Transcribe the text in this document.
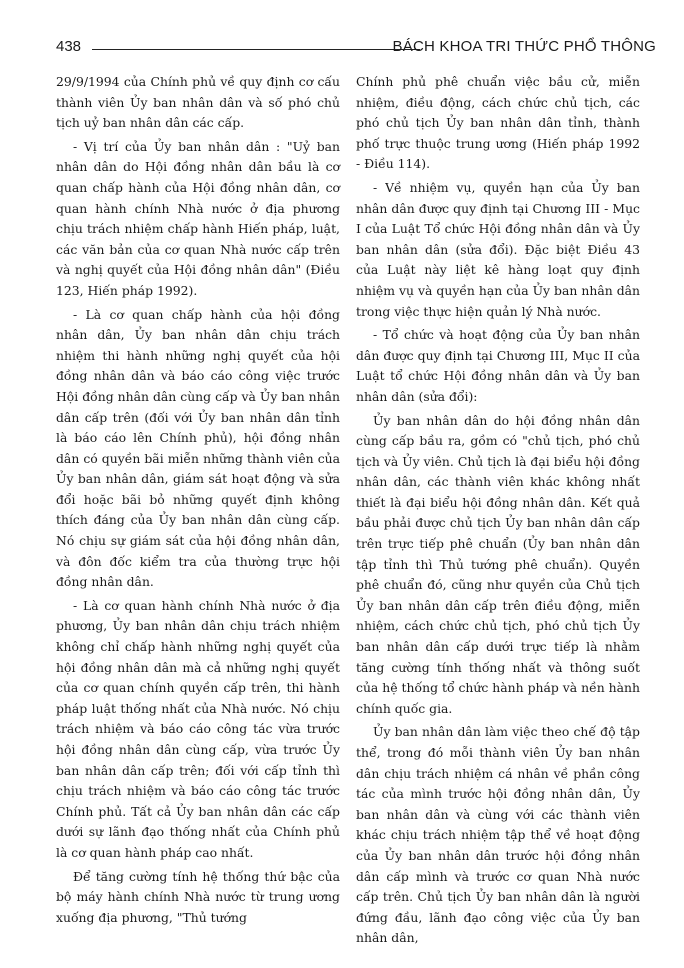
438	BÁCH KHOA TRI THỨC PHỔ THÔNG

29/9/1994 của Chính phủ về quy định cơ cấu thành viên Ủy ban nhân dân và số phó chủ tịch uỷ ban nhân dân các cấp.

- Vị trí của Ủy ban nhân dân : "Uỷ ban nhân dân do Hội đồng nhân dân bầu là cơ quan chấp hành của Hội đồng nhân dân, cơ quan hành chính Nhà nước ở địa phương chịu trách nhiệm chấp hành Hiến pháp, luật, các văn bản của cơ quan Nhà nước cấp trên và nghị quyết của Hội đồng nhân dân" (Điều 123, Hiến pháp 1992).

- Là cơ quan chấp hành của hội đồng nhân dân, Ủy ban nhân dân chịu trách nhiệm thi hành những nghị quyết của hội đồng nhân dân và báo cáo công việc trước Hội đồng nhân dân cùng cấp và Ủy ban nhân dân cấp trên (đối với Ủy ban nhân dân tỉnh là báo cáo lên Chính phủ), hội đồng nhân dân có quyền bãi miễn những thành viên của Ủy ban nhân dân, giám sát hoạt động và sửa đổi hoặc bãi bỏ những quyết định không thích đáng của Ủy ban nhân dân cùng cấp. Nó chịu sự giám sát của hội đồng nhân dân, và đôn đốc kiểm tra của thường trực hội đồng nhân dân.

- Là cơ quan hành chính Nhà nước ở địa phương, Ủy ban nhân dân chịu trách nhiệm không chỉ chấp hành những nghị quyết của hội đồng nhân dân mà cả những nghị quyết của cơ quan chính quyền cấp trên, thi hành pháp luật thống nhất của Nhà nước. Nó chịu trách nhiệm và báo cáo công tác vừa trước hội đồng nhân dân cùng cấp, vừa trước Ủy ban nhân dân cấp trên; đối với cấp tỉnh thì chịu trách nhiệm và báo cáo công tác trước Chính phủ. Tất cả Ủy ban nhân dân các cấp dưới sự lãnh đạo thống nhất của Chính phủ là cơ quan hành pháp cao nhất.

Để tăng cường tính hệ thống thứ bậc của bộ máy hành chính Nhà nước từ trung ương xuống địa phương, "Thủ tướng

Chính phủ phê chuẩn việc bầu cử, miễn nhiệm, điều động, cách chức chủ tịch, các phó chủ tịch Ủy ban nhân dân tỉnh, thành phố trực thuộc trung ương (Hiến pháp 1992 - Điều 114).

- Về nhiệm vụ, quyền hạn của Ủy ban nhân dân được quy định tại Chương III - Mục I của Luật Tổ chức Hội đồng nhân dân và Ủy ban nhân dân (sửa đổi). Đặc biệt Điều 43 của Luật này liệt kê hàng loạt quy định nhiệm vụ và quyền hạn của Ủy ban nhân dân trong việc thực hiện quản lý Nhà nước.

- Tổ chức và hoạt động của Ủy ban nhân dân được quy định tại Chương III, Mục II của Luật tổ chức Hội đồng nhân dân và Ủy ban nhân dân (sửa đổi):

Ủy ban nhân dân do hội đồng nhân dân cùng cấp bầu ra, gồm có "chủ tịch, phó chủ tịch và Ủy viên. Chủ tịch là đại biểu hội đồng nhân dân, các thành viên khác không nhất thiết là đại biểu hội đồng nhân dân. Kết quả bầu phải được chủ tịch Ủy ban nhân dân cấp trên trực tiếp phê chuẩn (Ủy ban nhân dân tập tỉnh thì Thủ tướng phê chuẩn). Quyền phê chuẩn đó, cũng như quyền của Chủ tịch Ủy ban nhân dân cấp trên điều động, miễn nhiệm, cách chức chủ tịch, phó chủ tịch Ủy ban nhân dân cấp dưới trực tiếp là nhằm tăng cường tính thống nhất và thông suốt của hệ thống tổ chức hành pháp và nền hành chính quốc gia.

Ủy ban nhân dân làm việc theo chế độ tập thể, trong đó mỗi thành viên Ủy ban nhân dân chịu trách nhiệm cá nhân về phần công tác của mình trước hội đồng nhân dân, Ủy ban nhân dân và cùng với các thành viên khác chịu trách nhiệm tập thể về hoạt động của Ủy ban nhân dân trước hội đồng nhân dân cấp mình và trước cơ quan Nhà nước cấp trên. Chủ tịch Ủy ban nhân dân là người đứng đầu, lãnh đạo công việc của Ủy ban nhân dân,
